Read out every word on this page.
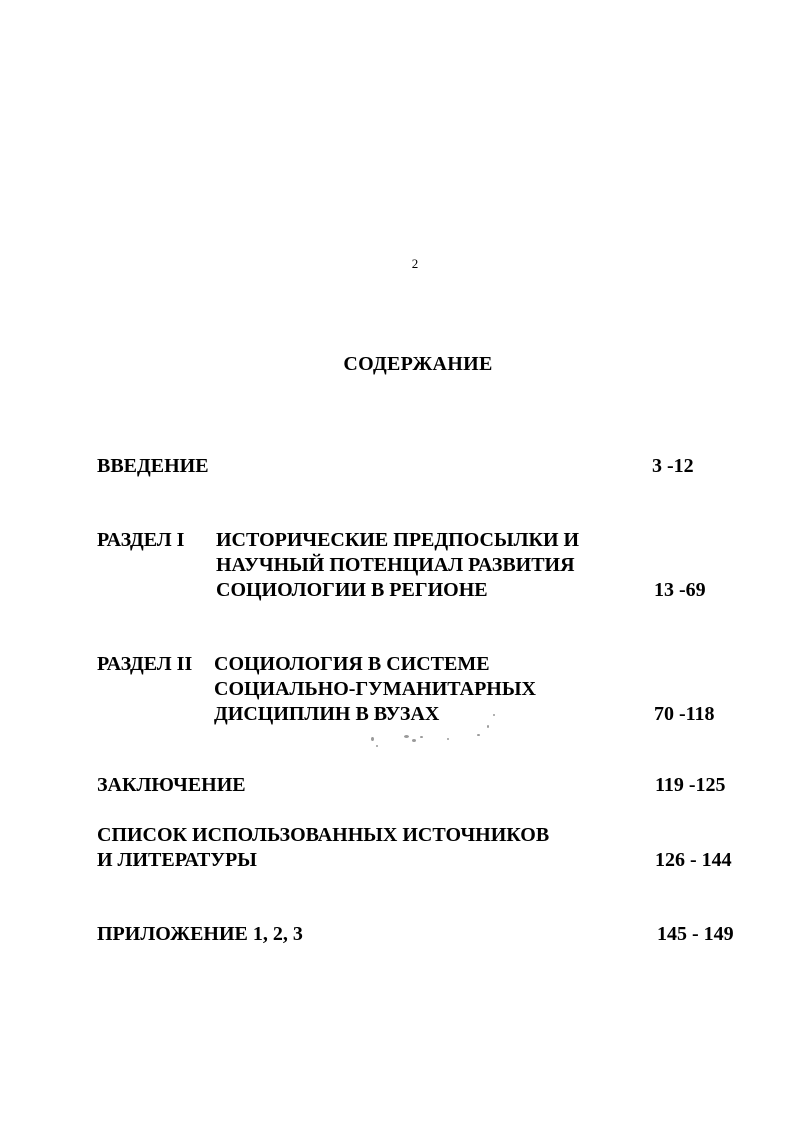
2
СОДЕРЖАНИЕ
ВВЕДЕНИЕ	3 -12
РАЗДЕЛ I ИСТОРИЧЕСКИЕ ПРЕДПОСЫЛКИ И
НАУЧНЫЙ ПОТЕНЦИАЛ РАЗВИТИЯ
СОЦИОЛОГИИ В РЕГИОНЕ	13 -69
РАЗДЕЛ II СОЦИОЛОГИЯ В СИСТЕМЕ
СОЦИАЛЬНО-ГУМАНИТАРНЫХ
ДИСЦИПЛИН В ВУЗАХ	70 -118
ЗАКЛЮЧЕНИЕ	119 -125
СПИСОК ИСПОЛЬЗОВАННЫХ ИСТОЧНИКОВ
И ЛИТЕРАТУРЫ	126 - 144
ПРИЛОЖЕНИЕ 1, 2, 3	145 - 149
